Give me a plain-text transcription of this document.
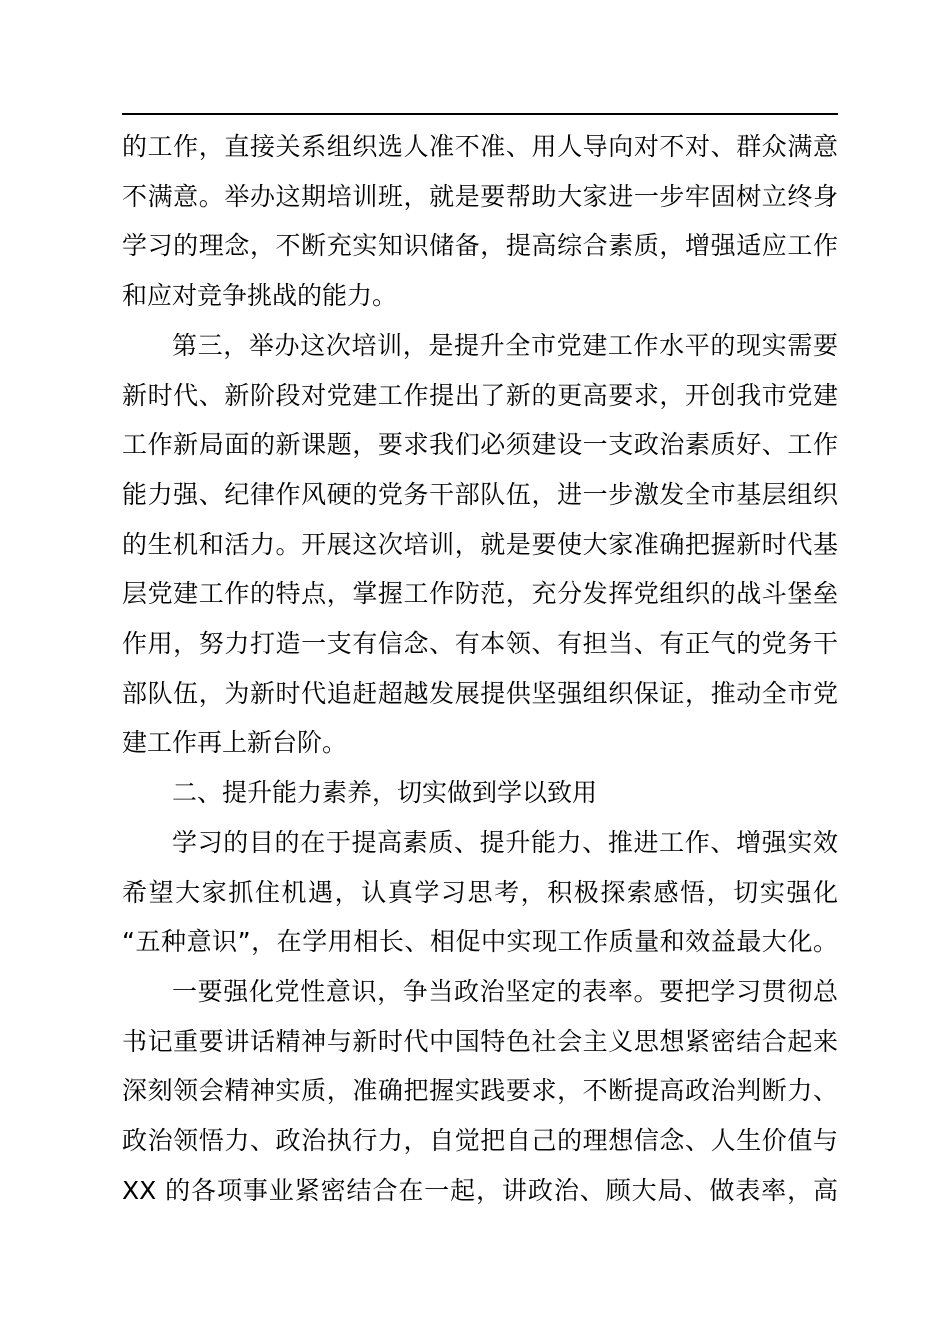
的工作，直接关系组织选人准不准、用人导向对不对、群众满意
不满意。举办这期培训班，就是要帮助大家进一步牢固树立终身
学习的理念，不断充实知识储备，提高综合素质，增强适应工作
和应对竞争挑战的能力。
第三，举办这次培训，是提升全市党建工作水平的现实需要
新时代、新阶段对党建工作提出了新的更高要求，开创我市党建
工作新局面的新课题，要求我们必须建设一支政治素质好、工作
能力强、纪律作风硬的党务干部队伍，进一步激发全市基层组织
的生机和活力。开展这次培训，就是要使大家准确把握新时代基
层党建工作的特点，掌握工作防范，充分发挥党组织的战斗堡垒
作用，努力打造一支有信念、有本领、有担当、有正气的党务干
部队伍，为新时代追赶超越发展提供坚强组织保证，推动全市党
建工作再上新台阶。
二、提升能力素养，切实做到学以致用
学习的目的在于提高素质、提升能力、推进工作、增强实效
希望大家抓住机遇，认真学习思考，积极探索感悟，切实强化
“五种意识”，在学用相长、相促中实现工作质量和效益最大化。
一要强化党性意识，争当政治坚定的表率。要把学习贯彻总
书记重要讲话精神与新时代中国特色社会主义思想紧密结合起来
深刻领会精神实质，准确把握实践要求，不断提高政治判断力、
政治领悟力、政治执行力，自觉把自己的理想信念、人生价值与
XX 的各项事业紧密结合在一起，讲政治、顾大局、做表率，高
